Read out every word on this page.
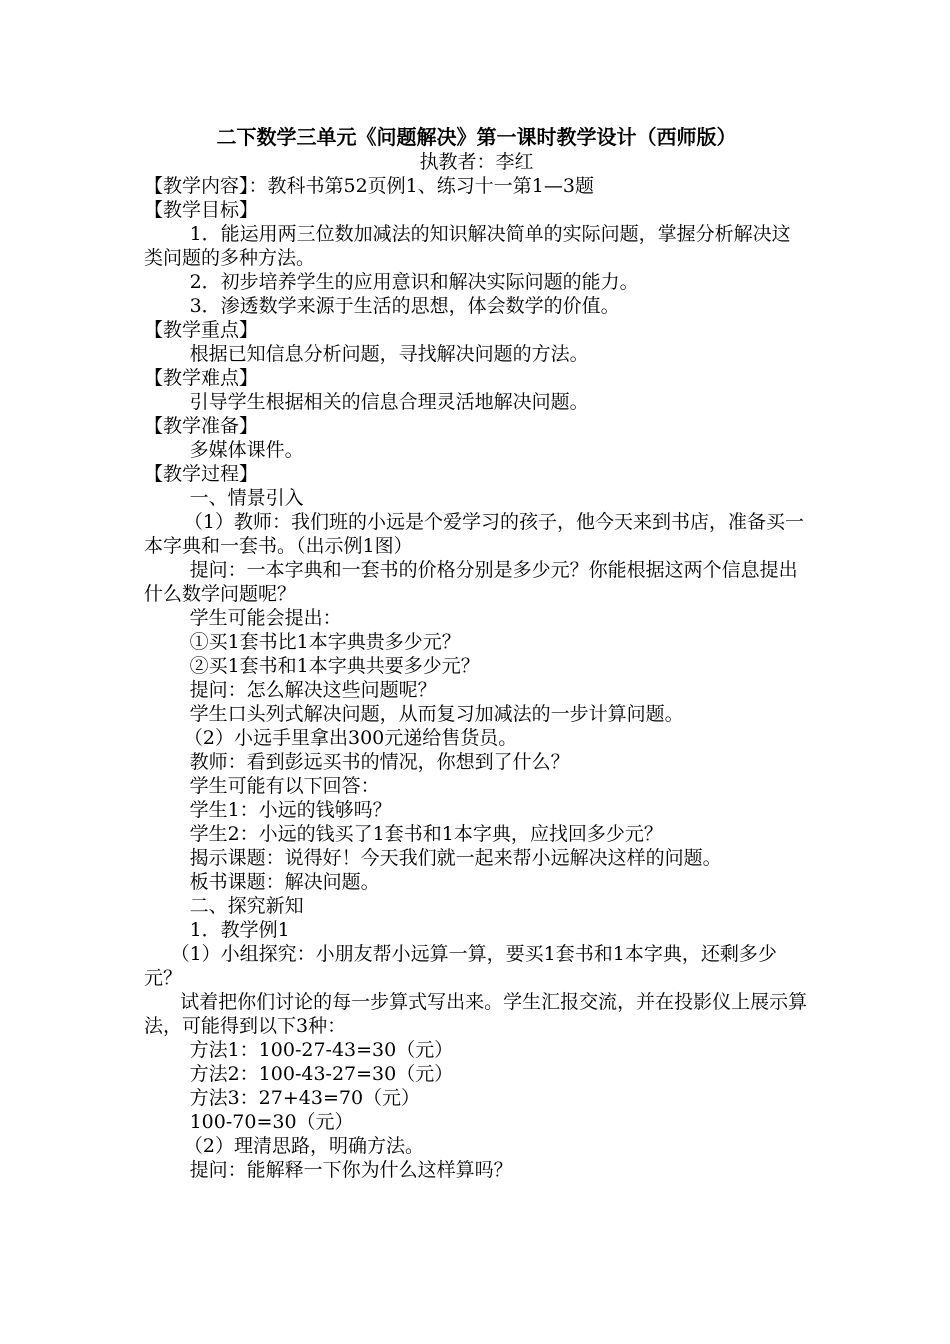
二下数学三单元《问题解决》第一课时教学设计（西师版）
执教者：李红

【教学内容】：教科书第52页例1、练习十一第1—3题

【教学目标】

1．能运用两三位数加减法的知识解决简单的实际问题，掌握分析解决这类问题的多种方法。

2．初步培养学生的应用意识和解决实际问题的能力。

3．渗透数学来源于生活的思想，体会数学的价值。

【教学重点】

根据已知信息分析问题，寻找解决问题的方法。

【教学难点】

引导学生根据相关的信息合理灵活地解决问题。

【教学准备】

多媒体课件。

【教学过程】

一、情景引入

（1）教师：我们班的小远是个爱学习的孩子，他今天来到书店，准备买一本字典和一套书。（出示例1图）

提问：一本字典和一套书的价格分别是多少元？你能根据这两个信息提出什么数学问题呢？

学生可能会提出：

①买1套书比1本字典贵多少元？

②买1套书和1本字典共要多少元？

提问：怎么解决这些问题呢？

学生口头列式解决问题，从而复习加减法的一步计算问题。

（2）小远手里拿出300元递给售货员。

教师：看到彭远买书的情况，你想到了什么？

学生可能有以下回答：

学生1：小远的钱够吗？

学生2：小远的钱买了1套书和1本字典，应找回多少元？

揭示课题：说得好！今天我们就一起来帮小远解决这样的问题。

板书课题：解决问题。

二、探究新知

1．教学例1

（1）小组探究：小朋友帮小远算一算，要买1套书和1本字典，还剩多少元？

试着把你们讨论的每一步算式写出来。学生汇报交流，并在投影仪上展示算法，可能得到以下3种：

方法1：100-27-43=30（元）

方法2：100-43-27=30（元）

方法3：27+43=70（元）

100-70=30（元）

（2）理清思路，明确方法。

提问：能解释一下你为什么这样算吗？
